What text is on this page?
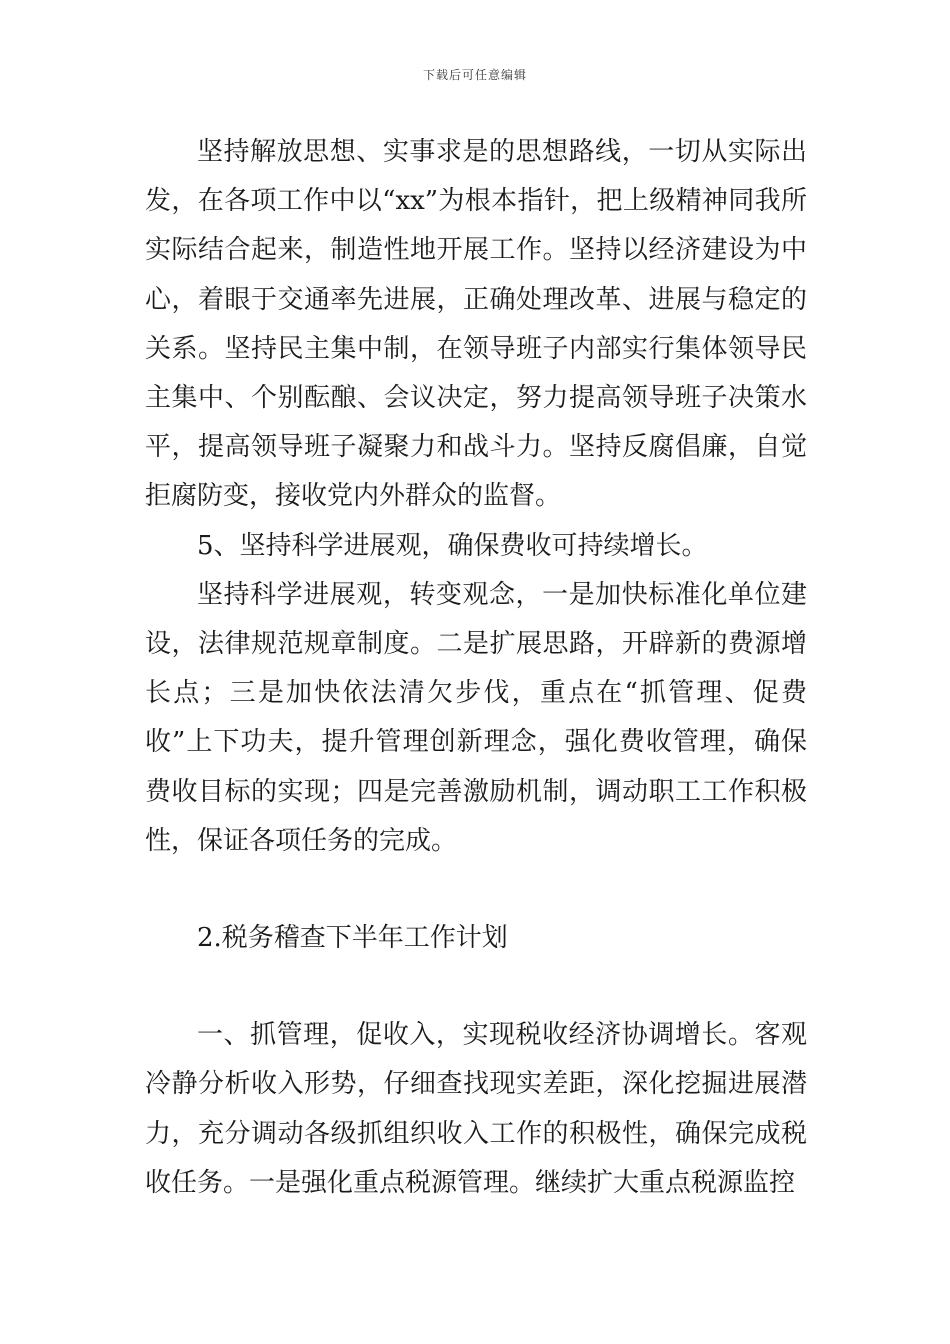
下载后可任意编辑

坚持解放思想、实事求是的思想路线，一切从实际出发，在各项工作中以“xx”为根本指针，把上级精神同我所实际结合起来，制造性地开展工作。坚持以经济建设为中心，着眼于交通率先进展，正确处理改革、进展与稳定的关系。坚持民主集中制，在领导班子内部实行集体领导民主集中、个别酝酿、会议决定，努力提高领导班子决策水平，提高领导班子凝聚力和战斗力。坚持反腐倡廉，自觉拒腐防变，接收党内外群众的监督。

5、坚持科学进展观，确保费收可持续增长。

坚持科学进展观，转变观念，一是加快标准化单位建设，法律规范规章制度。二是扩展思路，开辟新的费源增长点；三是加快依法清欠步伐，重点在“抓管理、促费收”上下功夫，提升管理创新理念，强化费收管理，确保费收目标的实现；四是完善激励机制，调动职工工作积极性，保证各项任务的完成。

2.税务稽查下半年工作计划

一、抓管理，促收入，实现税收经济协调增长。客观冷静分析收入形势，仔细查找现实差距，深化挖掘进展潜力，充分调动各级抓组织收入工作的积极性，确保完成税收任务。一是强化重点税源管理。继续扩大重点税源监控
